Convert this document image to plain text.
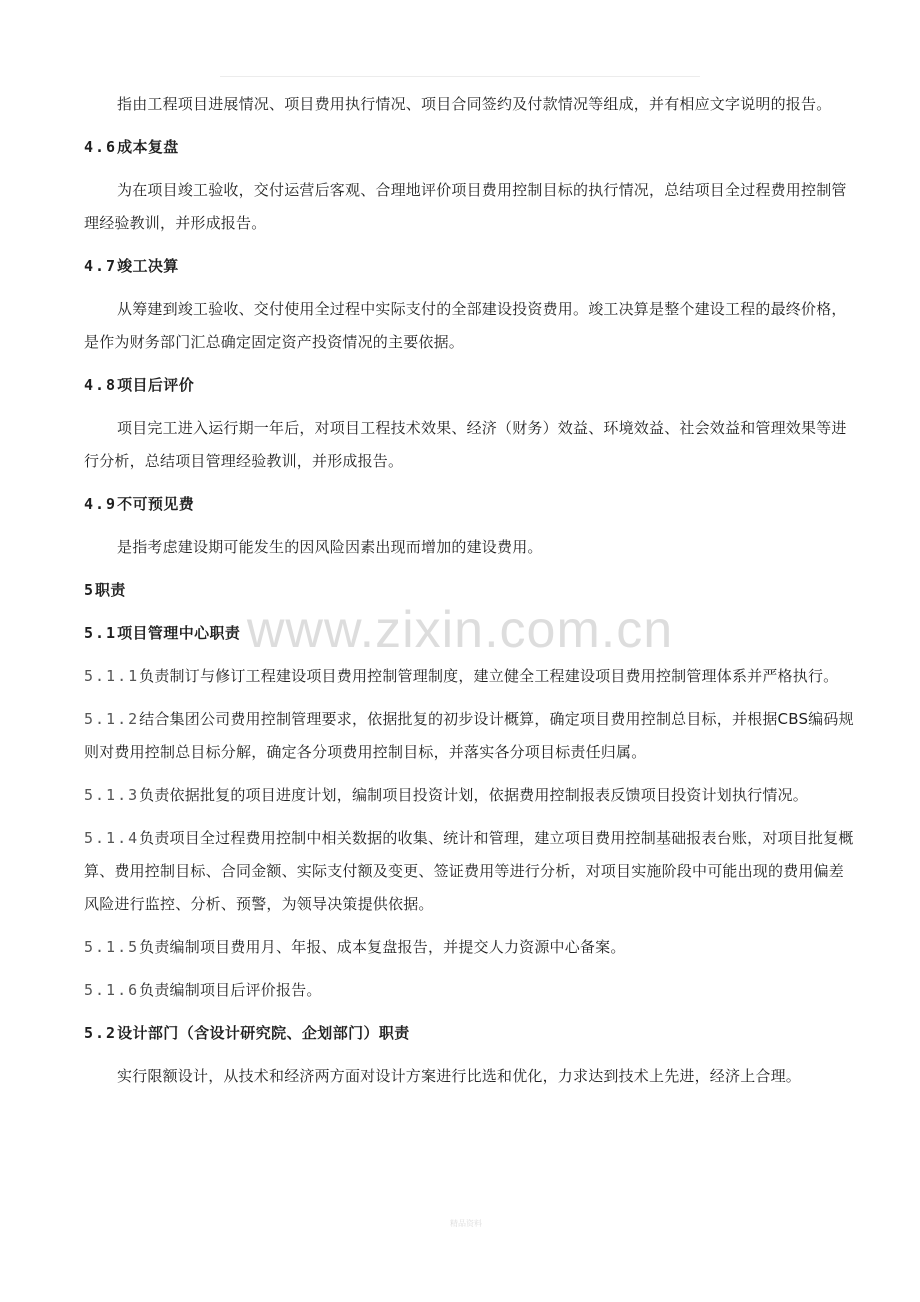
指由工程项目进展情况、项目费用执行情况、项目合同签约及付款情况等组成，并有相应文字说明的报告。

4.6成本复盘

为在项目竣工验收，交付运营后客观、合理地评价项目费用控制目标的执行情况，总结项目全过程费用控制管理经验教训，并形成报告。

4.7竣工决算

从筹建到竣工验收、交付使用全过程中实际支付的全部建设投资费用。竣工决算是整个建设工程的最终价格，是作为财务部门汇总确定固定资产投资情况的主要依据。

4.8项目后评价

项目完工进入运行期一年后，对项目工程技术效果、经济（财务）效益、环境效益、社会效益和管理效果等进行分析，总结项目管理经验教训，并形成报告。

4.9不可预见费

是指考虑建设期可能发生的因风险因素出现而增加的建设费用。

5职责
5.1项目管理中心职责

5.1.1负责制订与修订工程建设项目费用控制管理制度，建立健全工程建设项目费用控制管理体系并严格执行。

5.1.2结合集团公司费用控制管理要求，依据批复的初步设计概算，确定项目费用控制总目标，并根据CBS编码规则对费用控制总目标分解，确定各分项费用控制目标，并落实各分项目标责任归属。

5.1.3负责依据批复的项目进度计划，编制项目投资计划，依据费用控制报表反馈项目投资计划执行情况。

5.1.4负责项目全过程费用控制中相关数据的收集、统计和管理，建立项目费用控制基础报表台账，对项目批复概算、费用控制目标、合同金额、实际支付额及变更、签证费用等进行分析，对项目实施阶段中可能出现的费用偏差风险进行监控、分析、预警，为领导决策提供依据。

5.1.5负责编制项目费用月、年报、成本复盘报告，并提交人力资源中心备案。

5.1.6负责编制项目后评价报告。

5.2设计部门（含设计研究院、企划部门）职责

实行限额设计，从技术和经济两方面对设计方案进行比选和优化，力求达到技术上先进，经济上合理。

www.zixin.com.cn
精品资料
